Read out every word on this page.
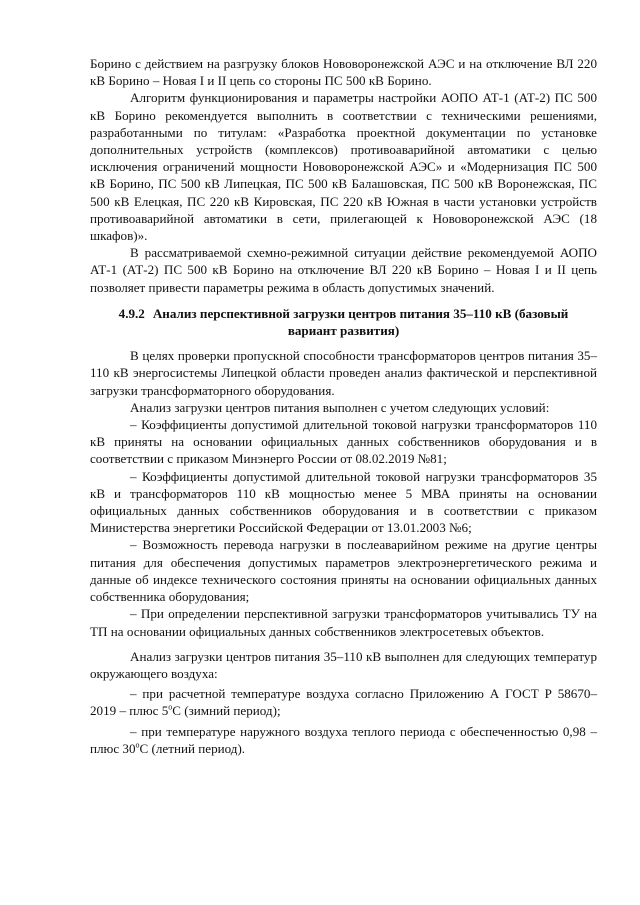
Борино с действием на разгрузку блоков Нововоронежской АЭС и на отключение ВЛ 220 кВ Борино – Новая I и II цепь со стороны ПС 500 кВ Борино.

Алгоритм функционирования и параметры настройки АОПО АТ-1 (АТ-2) ПС 500 кВ Борино рекомендуется выполнить в соответствии с техническими решениями, разработанными по титулам: «Разработка проектной документации по установке дополнительных устройств (комплексов) противоаварийной автоматики с целью исключения ограничений мощности Нововоронежской АЭС» и «Модернизация ПС 500 кВ Борино, ПС 500 кВ Липецкая, ПС 500 кВ Балашовская, ПС 500 кВ Воронежская, ПС 500 кВ Елецкая, ПС 220 кВ Кировская, ПС 220 кВ Южная в части установки устройств противоаварийной автоматики в сети, прилегающей к Нововоронежской АЭС (18 шкафов)».

В рассматриваемой схемно-режимной ситуации действие рекомендуемой АОПО АТ-1 (АТ-2) ПС 500 кВ Борино на отключение ВЛ 220 кВ Борино – Новая I и II цепь позволяет привести параметры режима в область допустимых значений.

4.9.2 Анализ перспективной загрузки центров питания 35–110 кВ (базовый вариант развития)

В целях проверки пропускной способности трансформаторов центров питания 35–110 кВ энергосистемы Липецкой области проведен анализ фактической и перспективной загрузки трансформаторного оборудования.

Анализ загрузки центров питания выполнен с учетом следующих условий:

– Коэффициенты допустимой длительной токовой нагрузки трансформаторов 110 кВ приняты на основании официальных данных собственников оборудования и в соответствии с приказом Минэнерго России от 08.02.2019 №81;

– Коэффициенты допустимой длительной токовой нагрузки трансформаторов 35 кВ и трансформаторов 110 кВ мощностью менее 5 МВА приняты на основании официальных данных собственников оборудования и в соответствии с приказом Министерства энергетики Российской Федерации от 13.01.2003 №6;

– Возможность перевода нагрузки в послеаварийном режиме на другие центры питания для обеспечения допустимых параметров электроэнергетического режима и данные об индексе технического состояния приняты на основании официальных данных собственника оборудования;

– При определении перспективной загрузки трансформаторов учитывались ТУ на ТП на основании официальных данных собственников электросетевых объектов.

Анализ загрузки центров питания 35–110 кВ выполнен для следующих температур окружающего воздуха:

– при расчетной температуре воздуха согласно Приложению А ГОСТ Р 58670–2019 – плюс $5^оС$ (зимний период);

– при температуре наружного воздуха теплого периода с обеспеченностью 0,98 – плюс $30^оС$ (летний период).
